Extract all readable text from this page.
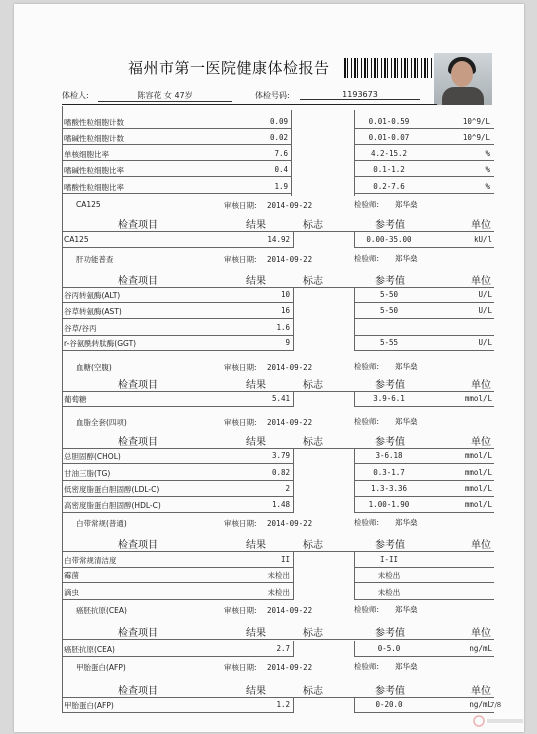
福州市第一医院健康体检报告
体检人:	陈容花 女 47岁	体检号码:	1193673
嗜酸性粒细胞计数	0.09	0.01-0.59	10^9/L
嗜碱性粒细胞计数	0.02	0.01-0.07	10^9/L
单核细胞比率	7.6	4.2-15.2	%
嗜碱性粒细胞比率	0.4	0.1-1.2	%
嗜酸性粒细胞比率	1.9	0.2-7.6	%
CA125	审核日期: 2014-09-22	检验师: 郑华燊
检查项目	结果	标志	参考值	单位
CA125	14.92	0.00-35.00	kU/l
肝功能普查	审核日期: 2014-09-22	检验师: 郑华燊
检查项目	结果	标志	参考值	单位
谷丙转氨酶(ALT)	10	5-50	U/L
谷草转氨酶(AST)	16	5-50	U/L
谷草/谷丙	1.6
r-谷氨酰转肽酶(GGT)	9	5-55	U/L
血糖(空腹)	审核日期: 2014-09-22	检验师: 郑华燊
检查项目	结果	标志	参考值	单位
葡萄糖	5.41	3.9-6.1	mmol/L
血脂全套(四项)	审核日期: 2014-09-22	检验师: 郑华燊
检查项目	结果	标志	参考值	单位
总胆固醇(CHOL)	3.79	3-6.18	mmol/L
甘油三脂(TG)	0.82	0.3-1.7	mmol/L
低密度脂蛋白胆固醇(LDL-C)	2	1.3-3.36	mmol/L
高密度脂蛋白胆固醇(HDL-C)	1.48	1.00-1.90	mmol/L
白带常规(普通)	审核日期: 2014-09-22	检验师: 郑华燊
检查项目	结果	标志	参考值	单位
白带常规清洁度	II	I-II
霉菌	未检出	未检出
滴虫	未检出	未检出
癌胚抗原(CEA)	审核日期: 2014-09-22	检验师: 郑华燊
检查项目	结果	标志	参考值	单位
癌胚抗原(CEA)	2.7	0-5.0	ng/mL
甲胎蛋白(AFP)	审核日期: 2014-09-22	检验师: 郑华燊
检查项目	结果	标志	参考值	单位
甲胎蛋白(AFP)	1.2	0-20.0	ng/mL
7/8
